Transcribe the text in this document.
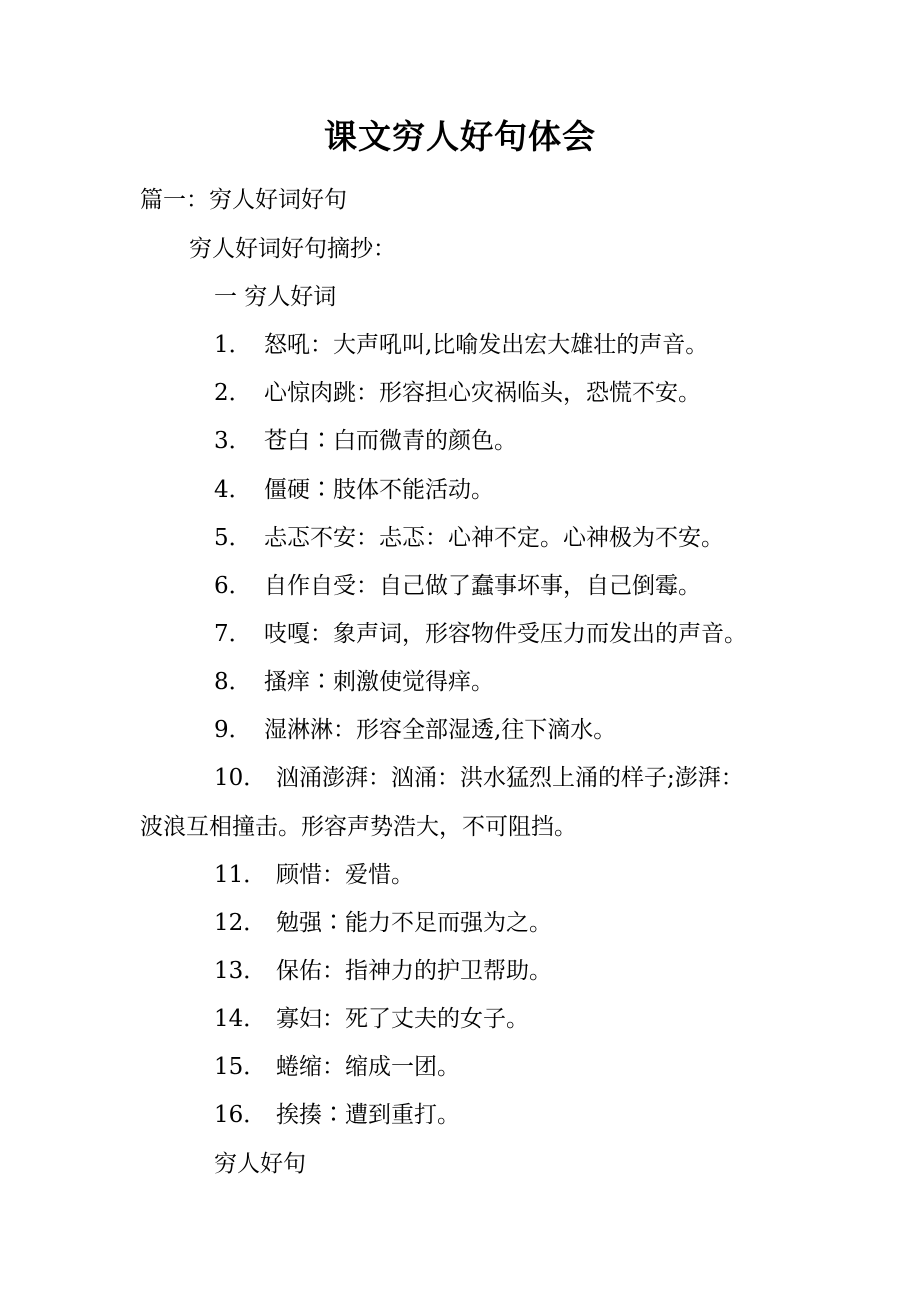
课文穷人好句体会
篇一：穷人好词好句
穷人好词好句摘抄：
一 穷人好词
1． 怒吼：大声吼叫,比喻发出宏大雄壮的声音。
2． 心惊肉跳：形容担心灾祸临头，恐慌不安。
3． 苍白∶白而微青的颜色。
4． 僵硬∶肢体不能活动。
5． 忐忑不安：忐忑：心神不定。心神极为不安。
6． 自作自受：自己做了蠢事坏事，自己倒霉。
7． 吱嘎：象声词，形容物件受压力而发出的声音。
8． 搔痒∶刺激使觉得痒。
9． 湿淋淋：形容全部湿透,往下滴水。
10． 汹涌澎湃：汹涌：洪水猛烈上涌的样子;澎湃：
波浪互相撞击。形容声势浩大，不可阻挡。
11． 顾惜：爱惜。
12． 勉强∶能力不足而强为之。
13． 保佑：指神力的护卫帮助。
14． 寡妇：死了丈夫的女子。
15． 蜷缩：缩成一团。
16． 挨揍∶遭到重打。
穷人好句
